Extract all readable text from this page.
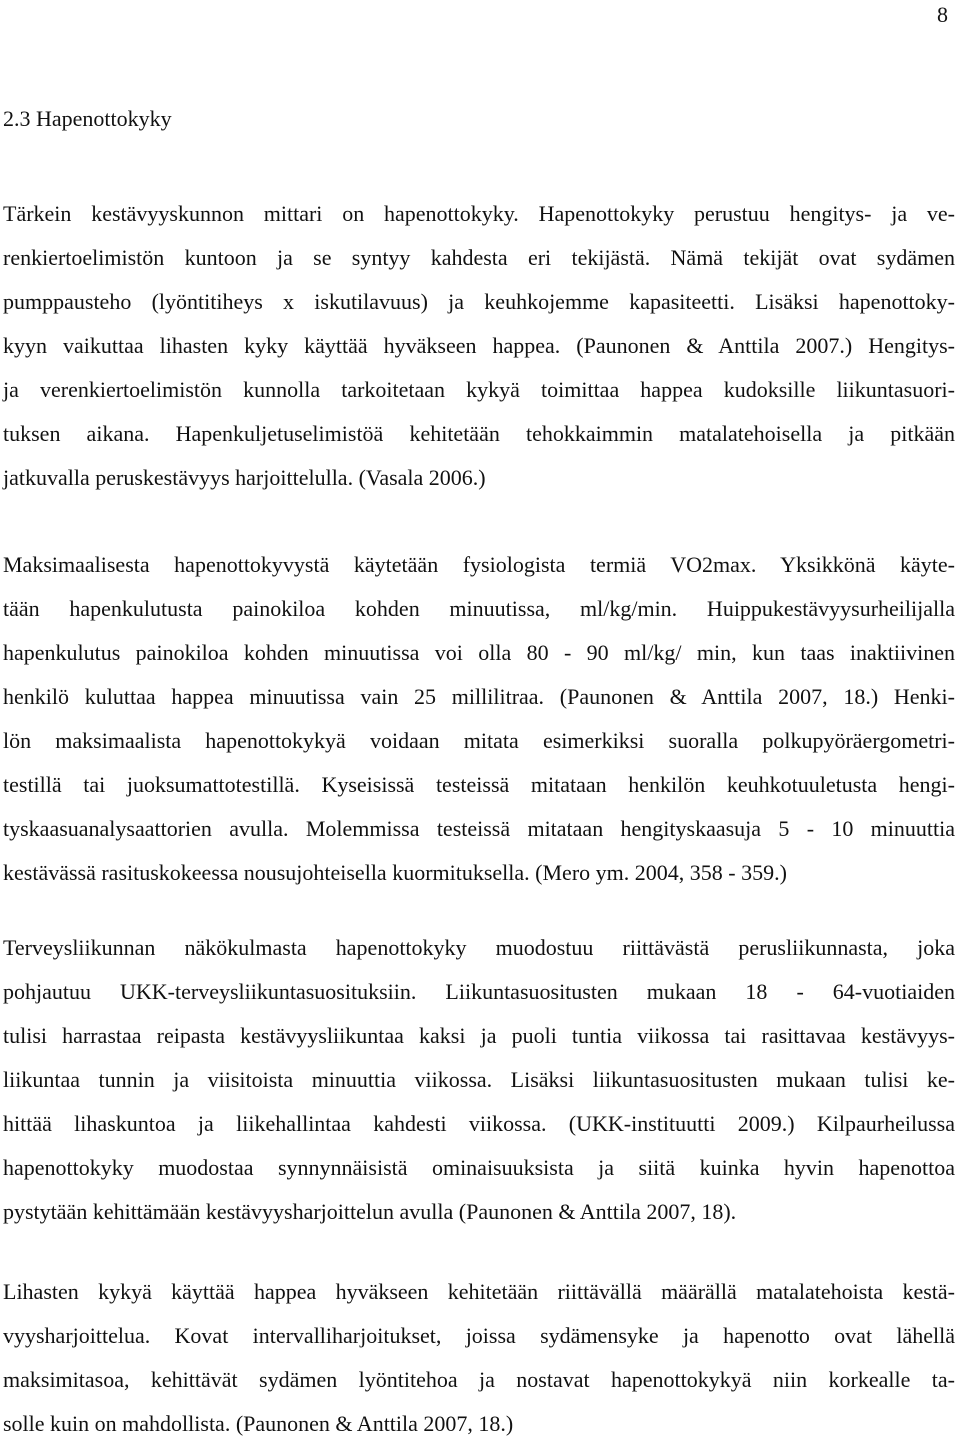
8
2.3 Hapenottokyky
Tärkein kestävyyskunnon mittari on hapenottokyky. Hapenottokyky perustuu hengitys- ja ve-
renkiertoelimistön kuntoon ja se syntyy kahdesta eri tekijästä. Nämä tekijät ovat sydämen
pumppausteho (lyöntitiheys x iskutilavuus) ja keuhkojemme kapasiteetti. Lisäksi hapenottoky-
kyyn vaikuttaa lihasten kyky käyttää hyväkseen happea. (Paunonen & Anttila 2007.) Hengitys-
ja verenkiertoelimistön kunnolla tarkoitetaan kykyä toimittaa happea kudoksille liikuntasuori-
tuksen aikana. Hapenkuljetuselimistöä kehitetään tehokkaimmin matalatehoisella ja pitkään
jatkuvalla peruskestävyys harjoittelulla. (Vasala 2006.)
Maksimaalisesta hapenottokyvystä käytetään fysiologista termiä VO2max. Yksikkönä käyte-
tään hapenkulutusta painokiloa kohden minuutissa, ml/kg/min. Huippukestävyysurheilijalla
hapenkulutus painokiloa kohden minuutissa voi olla 80 - 90 ml/kg/ min, kun taas inaktiivinen
henkilö kuluttaa happea minuutissa vain 25 millilitraa. (Paunonen & Anttila 2007, 18.) Henki-
lön maksimaalista hapenottokykyä voidaan mitata esimerkiksi suoralla polkupyöräergometri-
testillä tai juoksumattotestillä. Kyseisissä testeissä mitataan henkilön keuhkotuuletusta hengi-
tyskaasuanalysaattorien avulla. Molemmissa testeissä mitataan hengityskaasuja 5 - 10 minuuttia
kestävässä rasituskokeessa nousujohteisella kuormituksella. (Mero ym. 2004, 358 - 359.)
Terveysliikunnan näkökulmasta hapenottokyky muodostuu riittävästä perusliikunnasta, joka
pohjautuu UKK-terveysliikuntasuosituksiin. Liikuntasuositusten mukaan 18 - 64-vuotiaiden
tulisi harrastaa reipasta kestävyysliikuntaa kaksi ja puoli tuntia viikossa tai rasittavaa kestävyys-
liikuntaa tunnin ja viisitoista minuuttia viikossa. Lisäksi liikuntasuositusten mukaan tulisi ke-
hittää lihaskuntoa ja liikehallintaa kahdesti viikossa. (UKK-instituutti 2009.) Kilpaurheilussa
hapenottokyky muodostaa synnynnäisistä ominaisuuksista ja siitä kuinka hyvin hapenottoa
pystytään kehittämään kestävyysharjoittelun avulla (Paunonen & Anttila 2007, 18).
Lihasten kykyä käyttää happea hyväkseen kehitetään riittävällä määrällä matalatehoista kestä-
vyysharjoittelua. Kovat intervalliharjoitukset, joissa sydämensyke ja hapenotto ovat lähellä
maksimitasoa, kehittävät sydämen lyöntitehoa ja nostavat hapenottokykyä niin korkealle ta-
solle kuin on mahdollista. (Paunonen & Anttila 2007, 18.)
